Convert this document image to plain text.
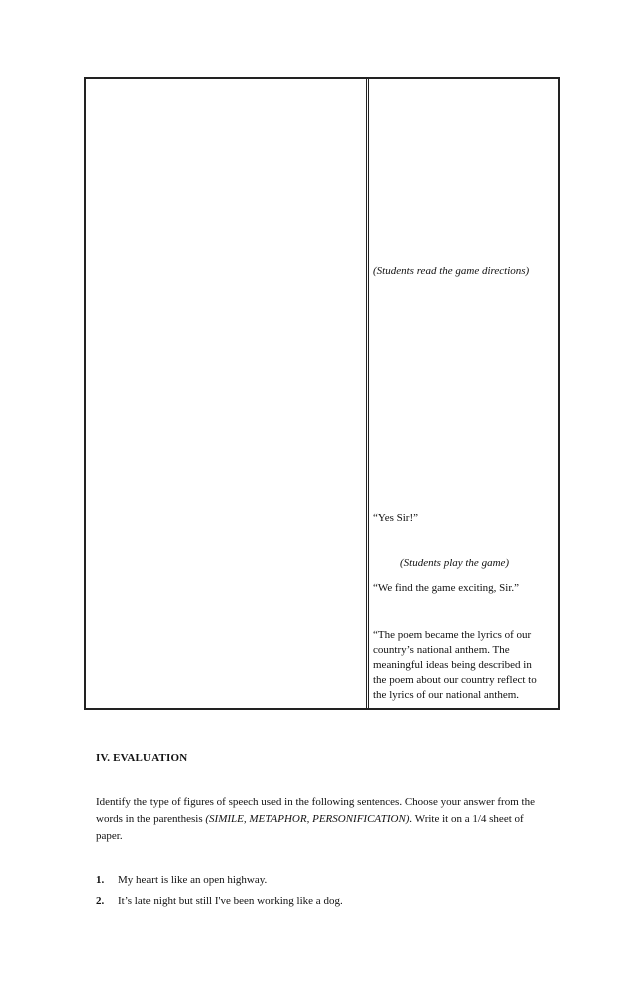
(Students read the game directions)
“Yes Sir!”
(Students play the game)
“We find the game exciting, Sir.”
“The poem became the lyrics of our
country’s national anthem. The
meaningful ideas being described in
the poem about our country reflect to
the lyrics of our national anthem.
IV. EVALUATION
Identify the type of figures of speech used in the following sentences. Choose your answer from the words in the parenthesis (SIMILE, METAPHOR, PERSONIFICATION). Write it on a 1/4 sheet of paper.
1.	My heart is like an open highway.
2.	It’s late night but still I've been working like a dog.
